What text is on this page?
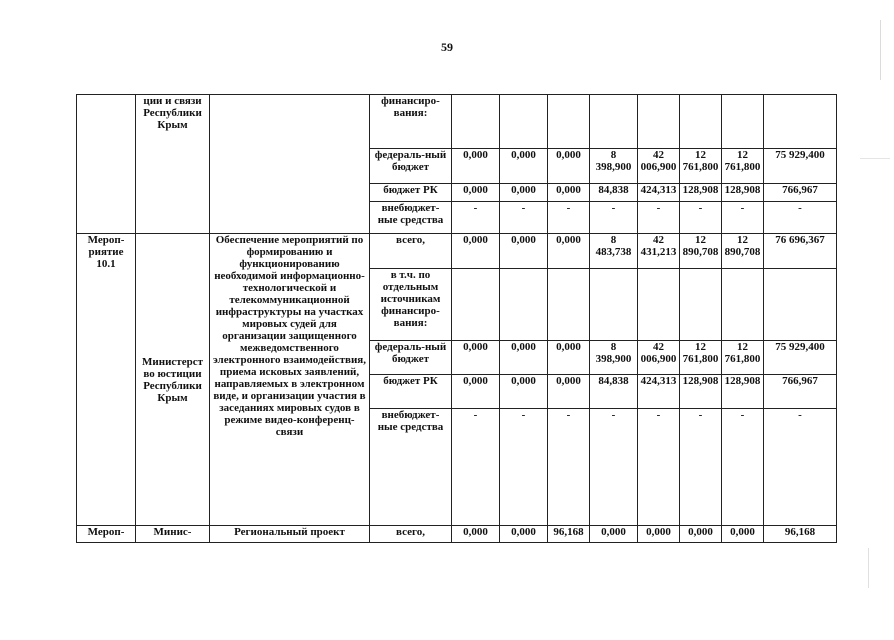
59
	ции и связи Республики Крым		финансиро-вания:								
			федераль-ный бюджет	0,000	0,000	0,000	8 398,900	42 006,900	12 761,800	12 761,800	75 929,400
			бюджет РК	0,000	0,000	0,000	84,838	424,313	128,908	128,908	766,967
			внебюджет-ные средства	-	-	-	-	-	-	-	-
Мероп-риятие 10.1	Министерст во юстиции Республики Крым	Обеспечение мероприятий по формированию и функционированию необходимой информационно-технологической и телекоммуникационной инфраструктуры на участках мировых судей для организации защищенного межведомственного электронного взаимодействия, приема исковых заявлений, направляемых в электронном виде, и организации участия в заседаниях мировых судов в режиме видео-конференц-связи	всего,	0,000	0,000	0,000	8 483,738	42 431,213	12 890,708	12 890,708	76 696,367
			в т.ч. по отдельным источникам финансиро-вания:								
			федераль-ный бюджет	0,000	0,000	0,000	8 398,900	42 006,900	12 761,800	12 761,800	75 929,400
			бюджет РК	0,000	0,000	0,000	84,838	424,313	128,908	128,908	766,967
			внебюджет-ные средства	-	-	-	-	-	-	-	-
Мероп-	Минис-	Региональный проект	всего,	0,000	0,000	96,168	0,000	0,000	0,000	0,000	96,168
